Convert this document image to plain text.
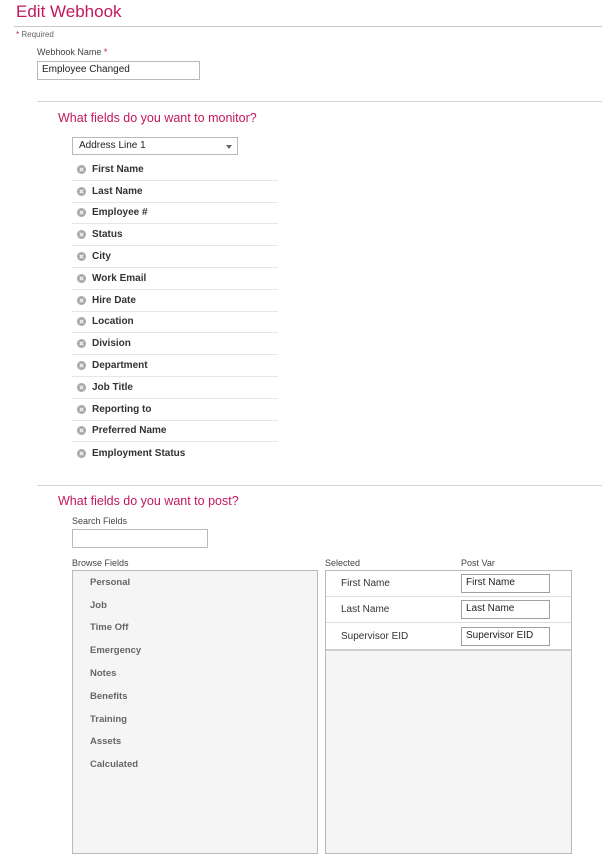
Edit Webhook
* Required
Webhook Name *
Employee Changed
What fields do you want to monitor?
Address Line 1
First Name
Last Name
Employee #
Status
City
Work Email
Hire Date
Location
Division
Department
Job Title
Reporting to
Preferred Name
Employment Status
What fields do you want to post?
Search Fields
Browse Fields	Selected	Post Var
Personal
Job
Time Off
Emergency
Notes
Benefits
Training
Assets
Calculated
First Name	First Name
Last Name	Last Name
Supervisor EID	Supervisor EID
